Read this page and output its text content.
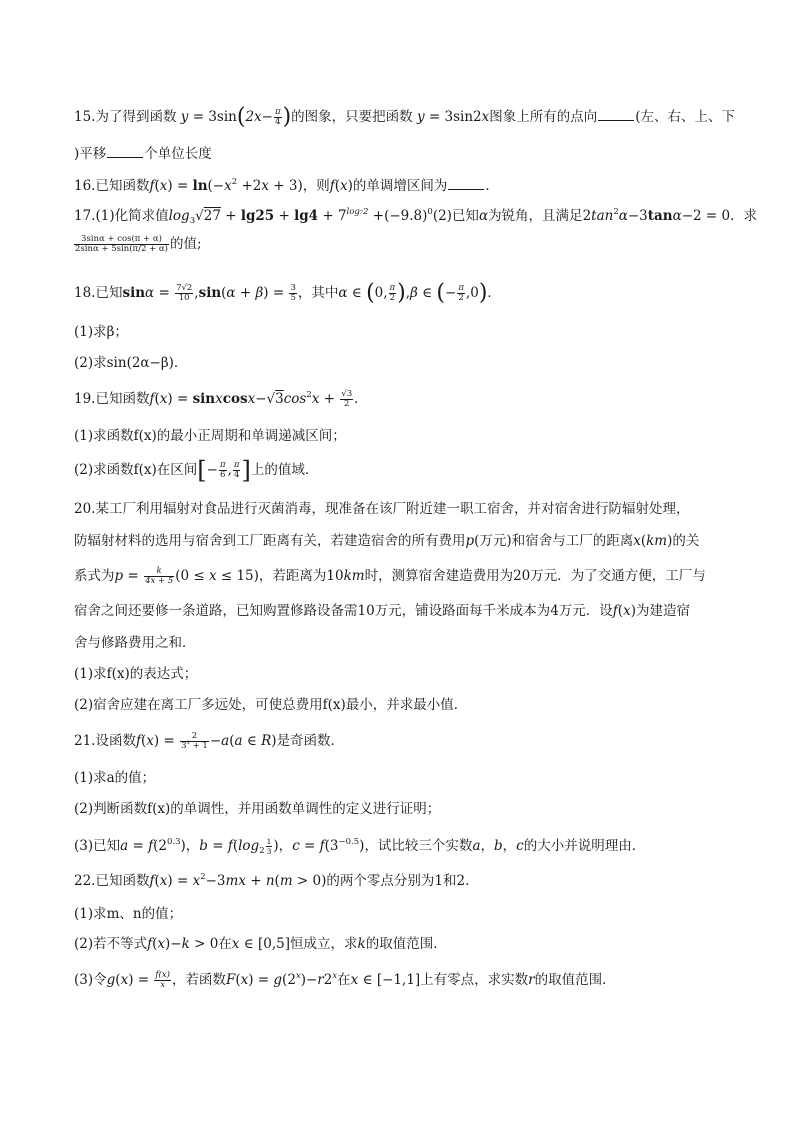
15.为了得到函数 $y = 3\sin(2x- \frac{\pi}{4}$ )的图象，只要把函数 y = 3sin2x图象上所有的点向	(左、右、上、下
)平移	个单位长度
16.已知函数$f(x) = \ln(-x^2 +2x + 3)$，则f(x)的单调增区间为	．
17.(1)化简求值$\log_3√27 + \lg 25 + \lg 4 + 7^{log_72} +(-9.8)^0(2)$已知α为锐角，且满足$2\tan^2\alpha-3\tan\alpha-2 = 0$．求
$\frac{3\sin\alpha + \cos(\pi + \alpha)}{2\sin\alpha + 5\sin(\pi/2 + \alpha)}$ 的值;
18.已知$\sin\alpha = \frac{7√2}{10} ,\sin(\alpha + \beta) = \frac{3}{5}$ ，其中α ∈ (0, $\frac{\pi}{2} ),\beta$ ∈ (− $\frac{\pi}{2} ,0$)．
(1)求β；
(2)求sin(2α−β)．
19.已知函数$f(x) = sinxcosx-√3\cos^2x + \frac{√3}{2}$ ．
(1)求函数f(x)的最小正周期和单调递减区间；
(2)求函数f(x)在区间[− $\frac{\pi}{6}$ , $\frac{\pi}{4}$ ]上的值域．
20.某工厂利用辐射对食品进行灭菌消毒，现准备在该厂附近建一职工宿舍，并对宿舍进行防辐射处理，
防辐射材料的选用与宿舍到工厂距离有关，若建造宿舍的所有费用p(万元)和宿舍与工厂的距离x(km)的关
系式为$p = \frac{k}{4x + 5} (0 \le x \le 15)$，若距离为10km时，测算宿舍建造费用为20万元．为了交通方便，工厂与
宿舍之间还要修一条道路，已知购置修路设备需10万元，铺设路面每千米成本为4万元．设f(x)为建造宿
舍与修路费用之和．
(1)求f(x)的表达式；
(2)宿舍应建在离工厂多远处，可使总费用f(x)最小，并求最小值．
21.设函数$f(x) = \frac{2}{3^x + 1} -a(a$ ∈ R)是奇函数．
(1)求a的值；
(2)判断函数f(x)的单调性，并用函数单调性的定义进行证明；
(3)已知$a = f(2^{0.3})$，$b = f(\log_2 \frac{1}{3}$ )，$c = f(3^{-0.5})$，试比较三个实数a，b，c的大小并说明理由．
22.已知函数$f(x) = x^2-3mx + n(m > 0)$的两个零点分别为1和2．
(1)求m、n的值；
(2)若不等式f(x)−k > 0在x ∈ [0,5]恒成立，求k的取值范围．
(3)令$g(x) = \frac{f(x)}{x}$ ，若函数$F(x) = g(2^x)-r2^x$在x ∈ [−1,1]上有零点，求实数r的取值范围．
